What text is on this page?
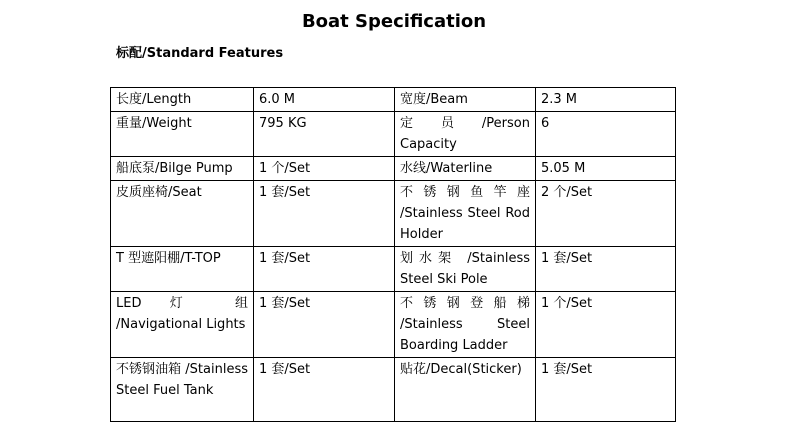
Boat Specification
标配/Standard Features
长度/Length	6.0 M	宽度/Beam	2.3 M
重量/Weight	795 KG	定 员 /Person Capacity	6
船底泵/Bilge Pump	1 个/Set	水线/Waterline	5.05 M
皮质座椅/Seat	1 套/Set	不锈钢鱼竿座 /Stainless Steel Rod Holder	2 个/Set
T 型遮阳棚/T-TOP	1 套/Set	划水架 /Stainless Steel Ski Pole	1 套/Set
LED 灯 组 /Navigational Lights	1 套/Set	不锈钢登船梯 /Stainless Steel Boarding Ladder	1 个/Set
不锈钢油箱 /Stainless Steel Fuel Tank	1 套/Set	贴花/Decal(Sticker)	1 套/Set
